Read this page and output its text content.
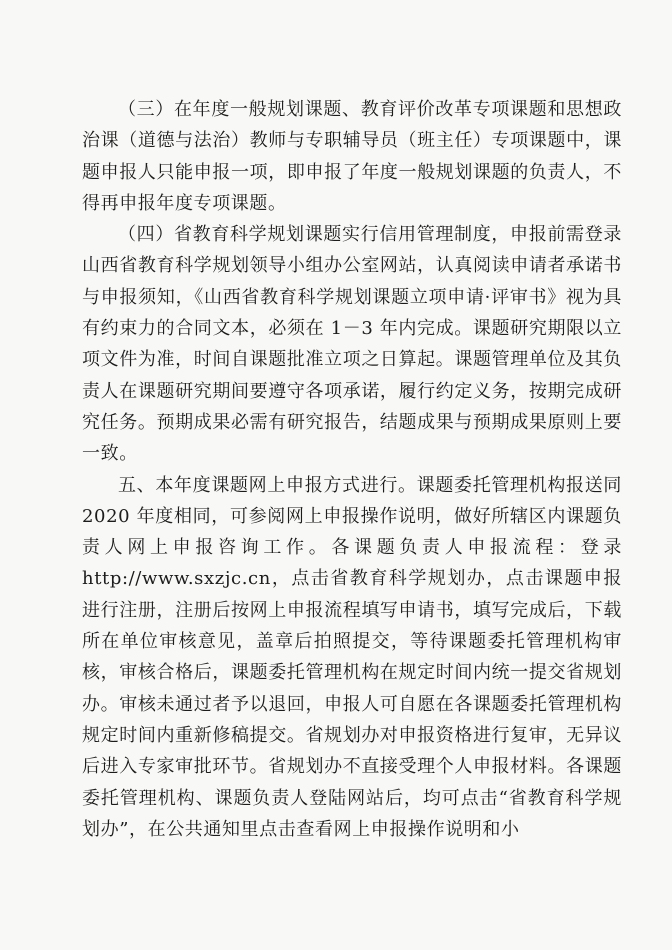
（三）在年度一般规划课题、教育评价改革专项课题和思想政治课（道德与法治）教师与专职辅导员（班主任）专项课题中，课题申报人只能申报一项，即申报了年度一般规划课题的负责人，不得再申报年度专项课题。

（四）省教育科学规划课题实行信用管理制度，申报前需登录山西省教育科学规划领导小组办公室网站，认真阅读申请者承诺书与申报须知，《山西省教育科学规划课题立项申请·评审书》视为具有约束力的合同文本，必须在 1－3 年内完成。课题研究期限以立项文件为准，时间自课题批准立项之日算起。课题管理单位及其负责人在课题研究期间要遵守各项承诺，履行约定义务，按期完成研究任务。预期成果必需有研究报告，结题成果与预期成果原则上要一致。

五、本年度课题网上申报方式进行。课题委托管理机构报送同 2020 年度相同，可参阅网上申报操作说明，做好所辖区内课题负责人网上申报咨询工作。各课题负责人申报流程：登录 http://www.sxzjc.cn，点击省教育科学规划办，点击课题申报进行注册，注册后按网上申报流程填写申请书，填写完成后，下载所在单位审核意见，盖章后拍照提交，等待课题委托管理机构审核，审核合格后，课题委托管理机构在规定时间内统一提交省规划办。审核未通过者予以退回，申报人可自愿在各课题委托管理机构规定时间内重新修稿提交。省规划办对申报资格进行复审，无异议后进入专家审批环节。省规划办不直接受理个人申报材料。各课题委托管理机构、课题负责人登陆网站后，均可点击“省教育科学规划办”，在公共通知里点击查看网上申报操作说明和小
